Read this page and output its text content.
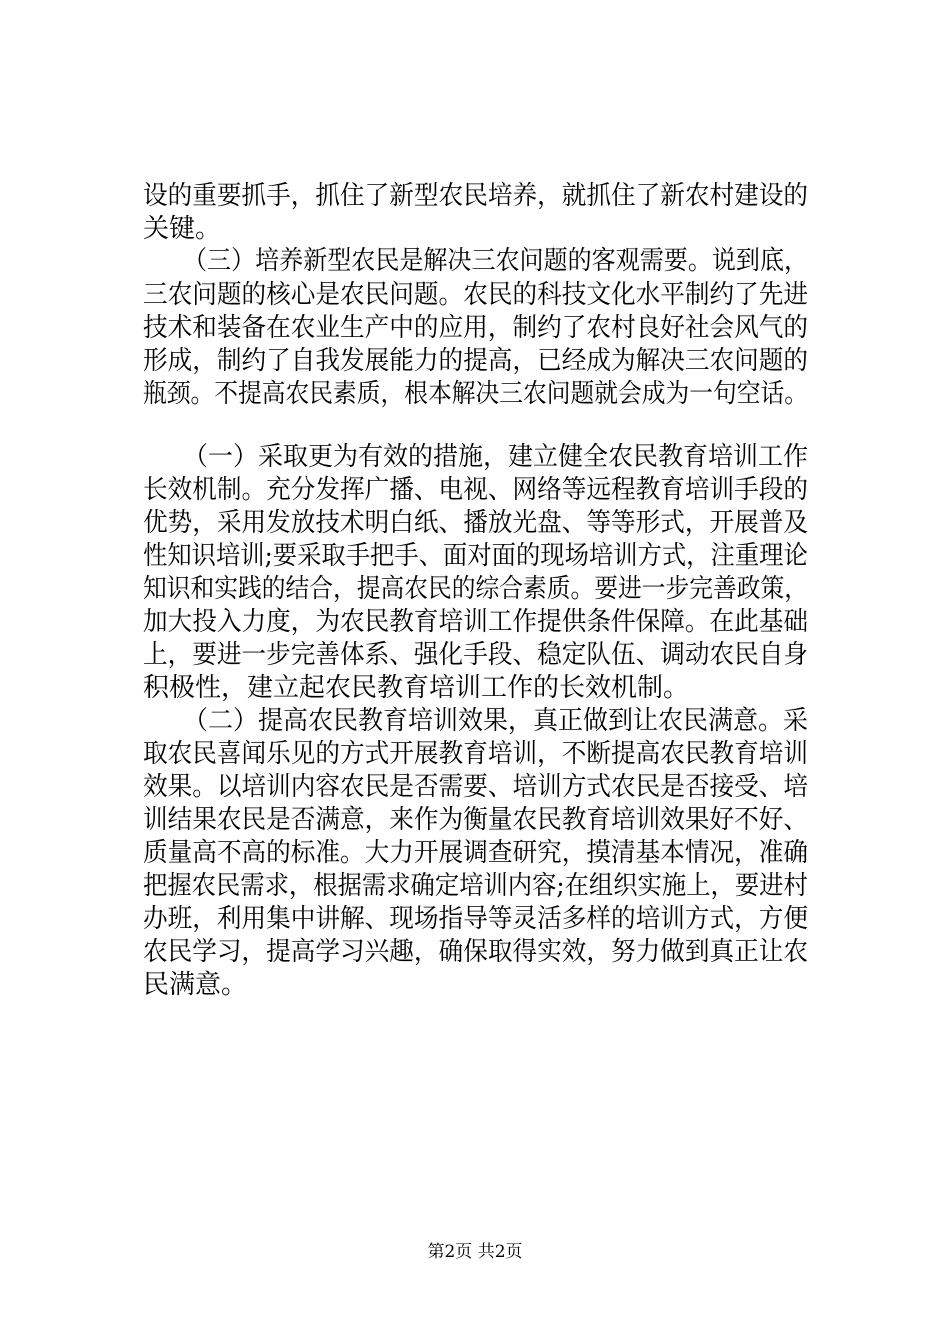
设的重要抓手，抓住了新型农民培养，就抓住了新农村建设的
关键。
（三）培养新型农民是解决三农问题的客观需要。说到底，
三农问题的核心是农民问题。农民的科技文化水平制约了先进
技术和装备在农业生产中的应用，制约了农村良好社会风气的
形成，制约了自我发展能力的提高，已经成为解决三农问题的
瓶颈。不提高农民素质，根本解决三农问题就会成为一句空话。
（一）采取更为有效的措施，建立健全农民教育培训工作
长效机制。充分发挥广播、电视、网络等远程教育培训手段的
优势，采用发放技术明白纸、播放光盘、等等形式，开展普及
性知识培训;要采取手把手、面对面的现场培训方式，注重理论
知识和实践的结合，提高农民的综合素质。要进一步完善政策，
加大投入力度，为农民教育培训工作提供条件保障。在此基础
上，要进一步完善体系、强化手段、稳定队伍、调动农民自身
积极性，建立起农民教育培训工作的长效机制。
（二）提高农民教育培训效果，真正做到让农民满意。采
取农民喜闻乐见的方式开展教育培训，不断提高农民教育培训
效果。以培训内容农民是否需要、培训方式农民是否接受、培
训结果农民是否满意，来作为衡量农民教育培训效果好不好、
质量高不高的标准。大力开展调查研究，摸清基本情况，准确
把握农民需求，根据需求确定培训内容;在组织实施上，要进村
办班，利用集中讲解、现场指导等灵活多样的培训方式，方便
农民学习，提高学习兴趣，确保取得实效，努力做到真正让农
民满意。
第2页 共2页
